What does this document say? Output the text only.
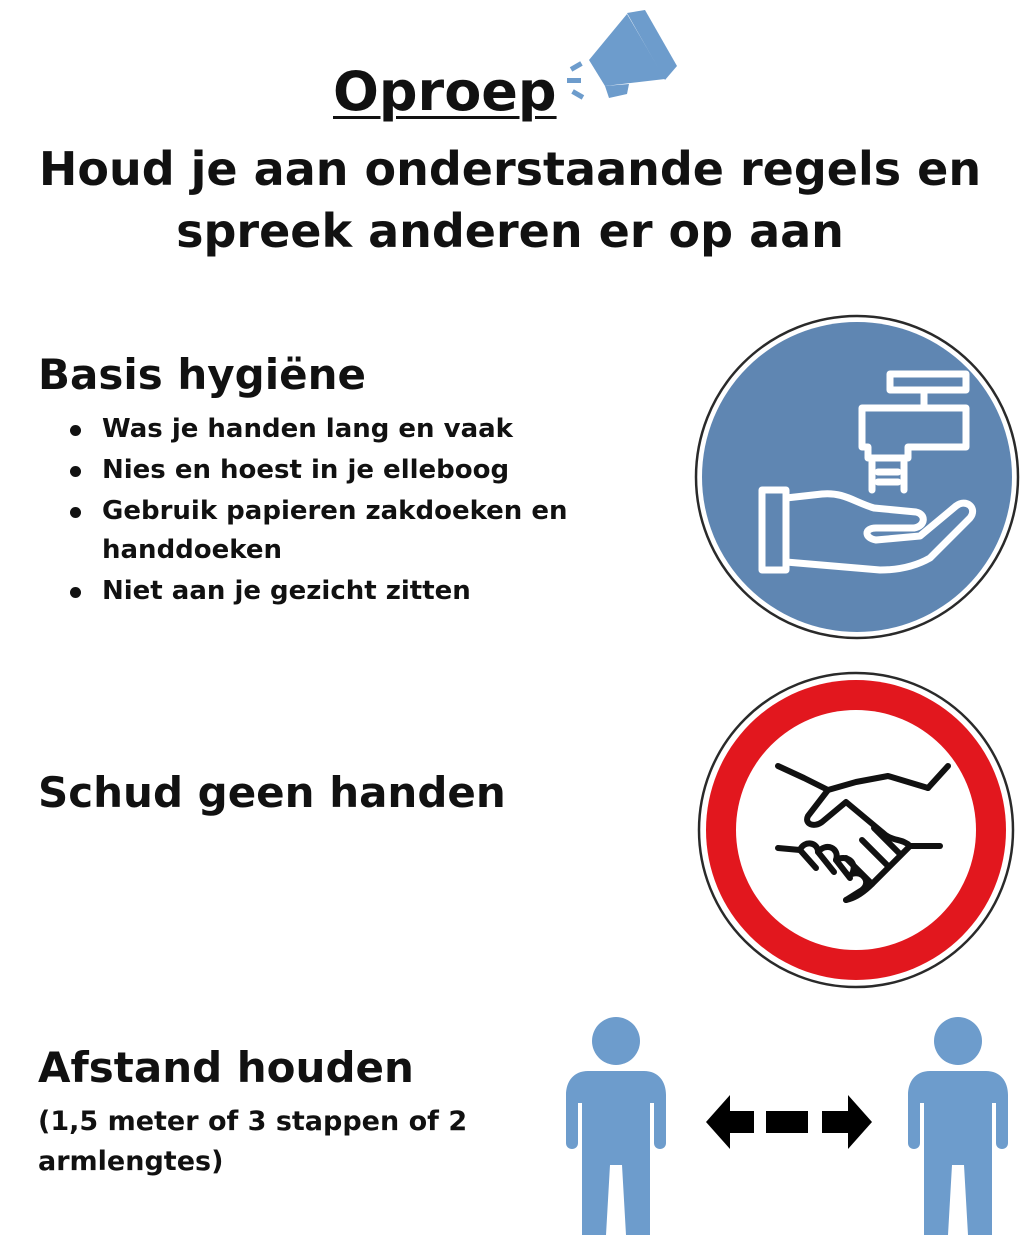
Oproep

Houd je aan onderstaande regels en
spreek anderen er op aan

Basis hygiëne
Was je handen lang en vaak
Nies en hoest in je elleboog
Gebruik papieren zakdoeken en handdoeken
Niet aan je gezicht zitten
Schud geen handen
Afstand houden

(1,5 meter of 3 stappen of 2 armlengtes)
